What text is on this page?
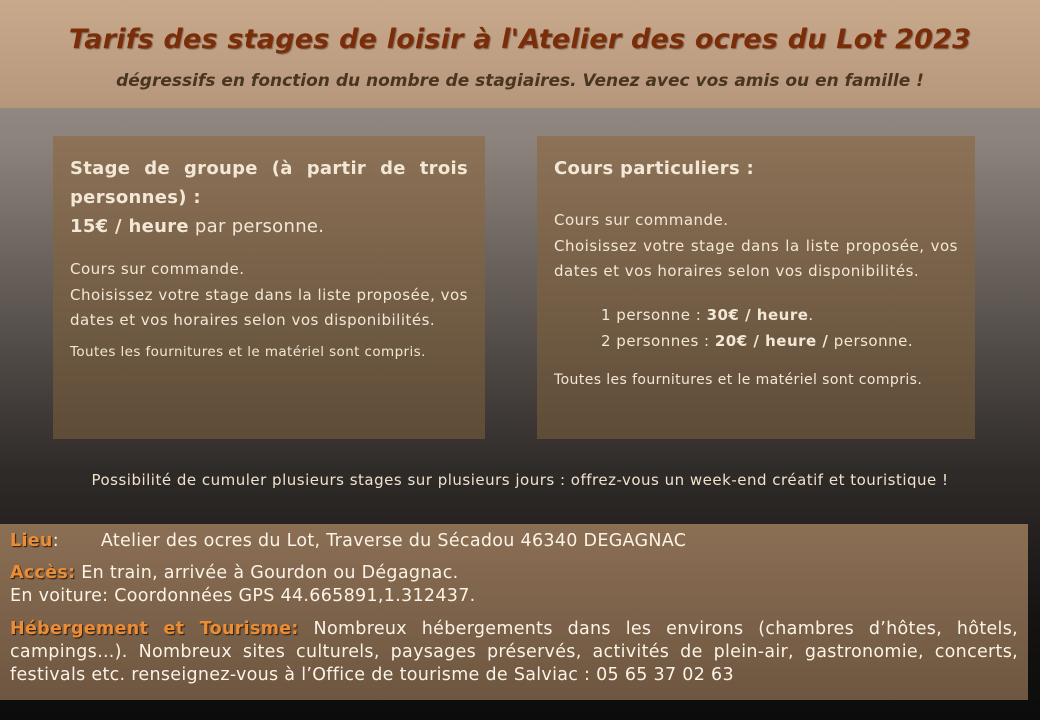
Tarifs des stages de loisir à l'Atelier des ocres du Lot 2023
dégressifs en fonction du nombre de stagiaires. Venez avec vos amis ou en famille !
Stage de groupe (à partir de trois personnes) :
15€ / heure par personne.
Cours sur commande.
Choisissez votre stage dans la liste proposée, vos dates et vos horaires selon vos disponibilités.
Toutes les fournitures et le matériel sont compris.
Cours particuliers :
Cours sur commande.
Choisissez votre stage dans la liste proposée, vos dates et vos horaires selon vos disponibilités.
1 personne : 30€ / heure.
2 personnes : 20€ / heure / personne.
Toutes les fournitures et le matériel sont compris.
Possibilité de cumuler plusieurs stages sur plusieurs jours : offrez-vous un week-end créatif et touristique !
Lieu: Atelier des ocres du Lot, Traverse du Sécadou 46340 DEGAGNAC
Accès: En train, arrivée à Gourdon ou Dégagnac.
En voiture: Coordonnées GPS 44.665891,1.312437.
Hébergement et Tourisme: Nombreux hébergements dans les environs (chambres d’hôtes, hôtels, campings...). Nombreux sites culturels, paysages préservés, activités de plein-air, gastronomie, concerts, festivals etc. renseignez-vous à l’Office de tourisme de Salviac : 05 65 37 02 63
